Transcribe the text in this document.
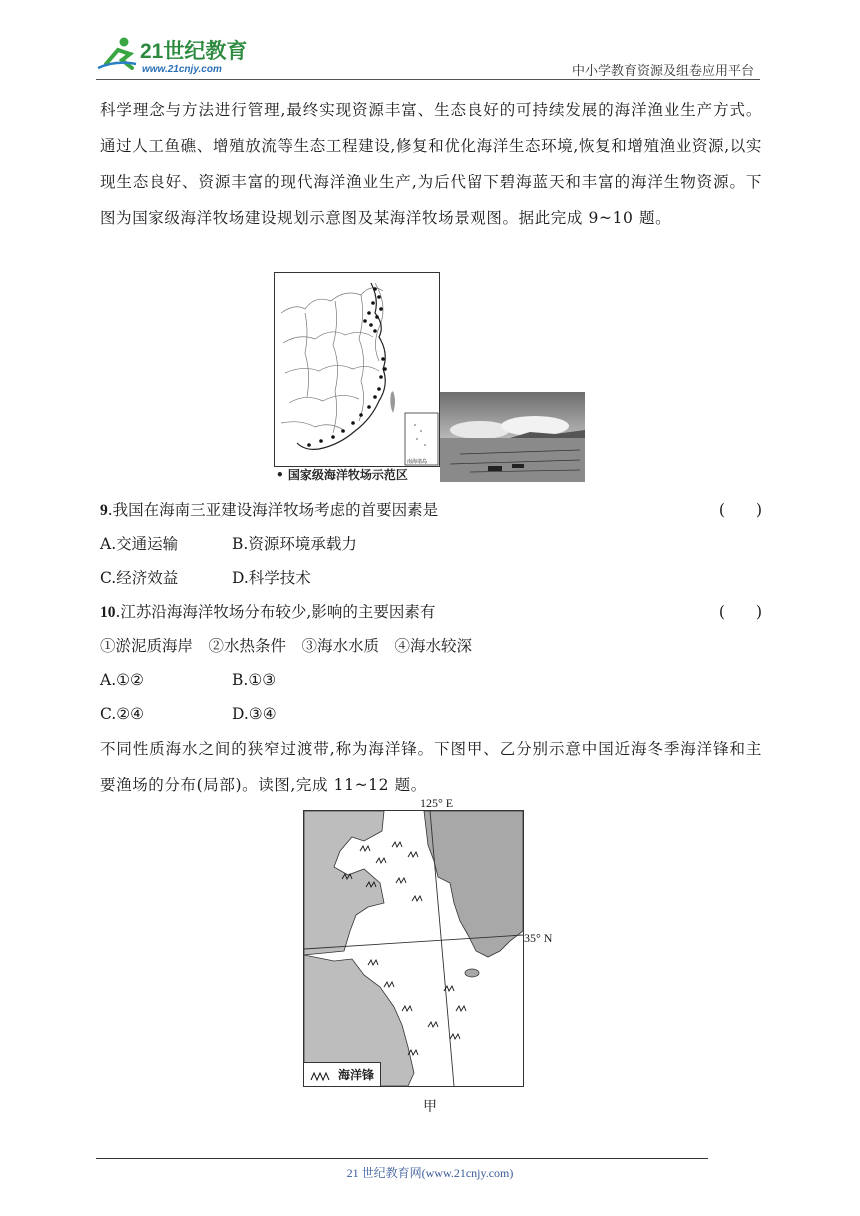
21世纪教育
www.21cnjy.com	中小学教育资源及组卷应用平台
科学理念与方法进行管理,最终实现资源丰富、生态良好的可持续发展的海洋渔业生产方式。通过人工鱼礁、增殖放流等生态工程建设,修复和优化海洋生态环境,恢复和增殖渔业资源,以实现生态良好、资源丰富的现代海洋渔业生产,为后代留下碧海蓝天和丰富的海洋生物资源。下图为国家级海洋牧场建设规划示意图及某海洋牧场景观图。据此完成 9~10 题。
南海诸岛
• 国家级海洋牧场示范区
9.我国在海南三亚建设海洋牧场考虑的首要因素是	(　　)
A.交通运输	B.资源环境承载力
C.经济效益	D.科学技术
10.江苏沿海海洋牧场分布较少,影响的主要因素有	(　　)
①淤泥质海岸　②水热条件　③海水水质　④海水较深
A.①②	B.①③
C.②④	D.③④
不同性质海水之间的狭窄过渡带,称为海洋锋。下图甲、乙分别示意中国近海冬季海洋锋和主要渔场的分布(局部)。读图,完成 11~12 题。
125° E
35° N
海洋锋
甲
21 世纪教育网(www.21cnjy.com)
